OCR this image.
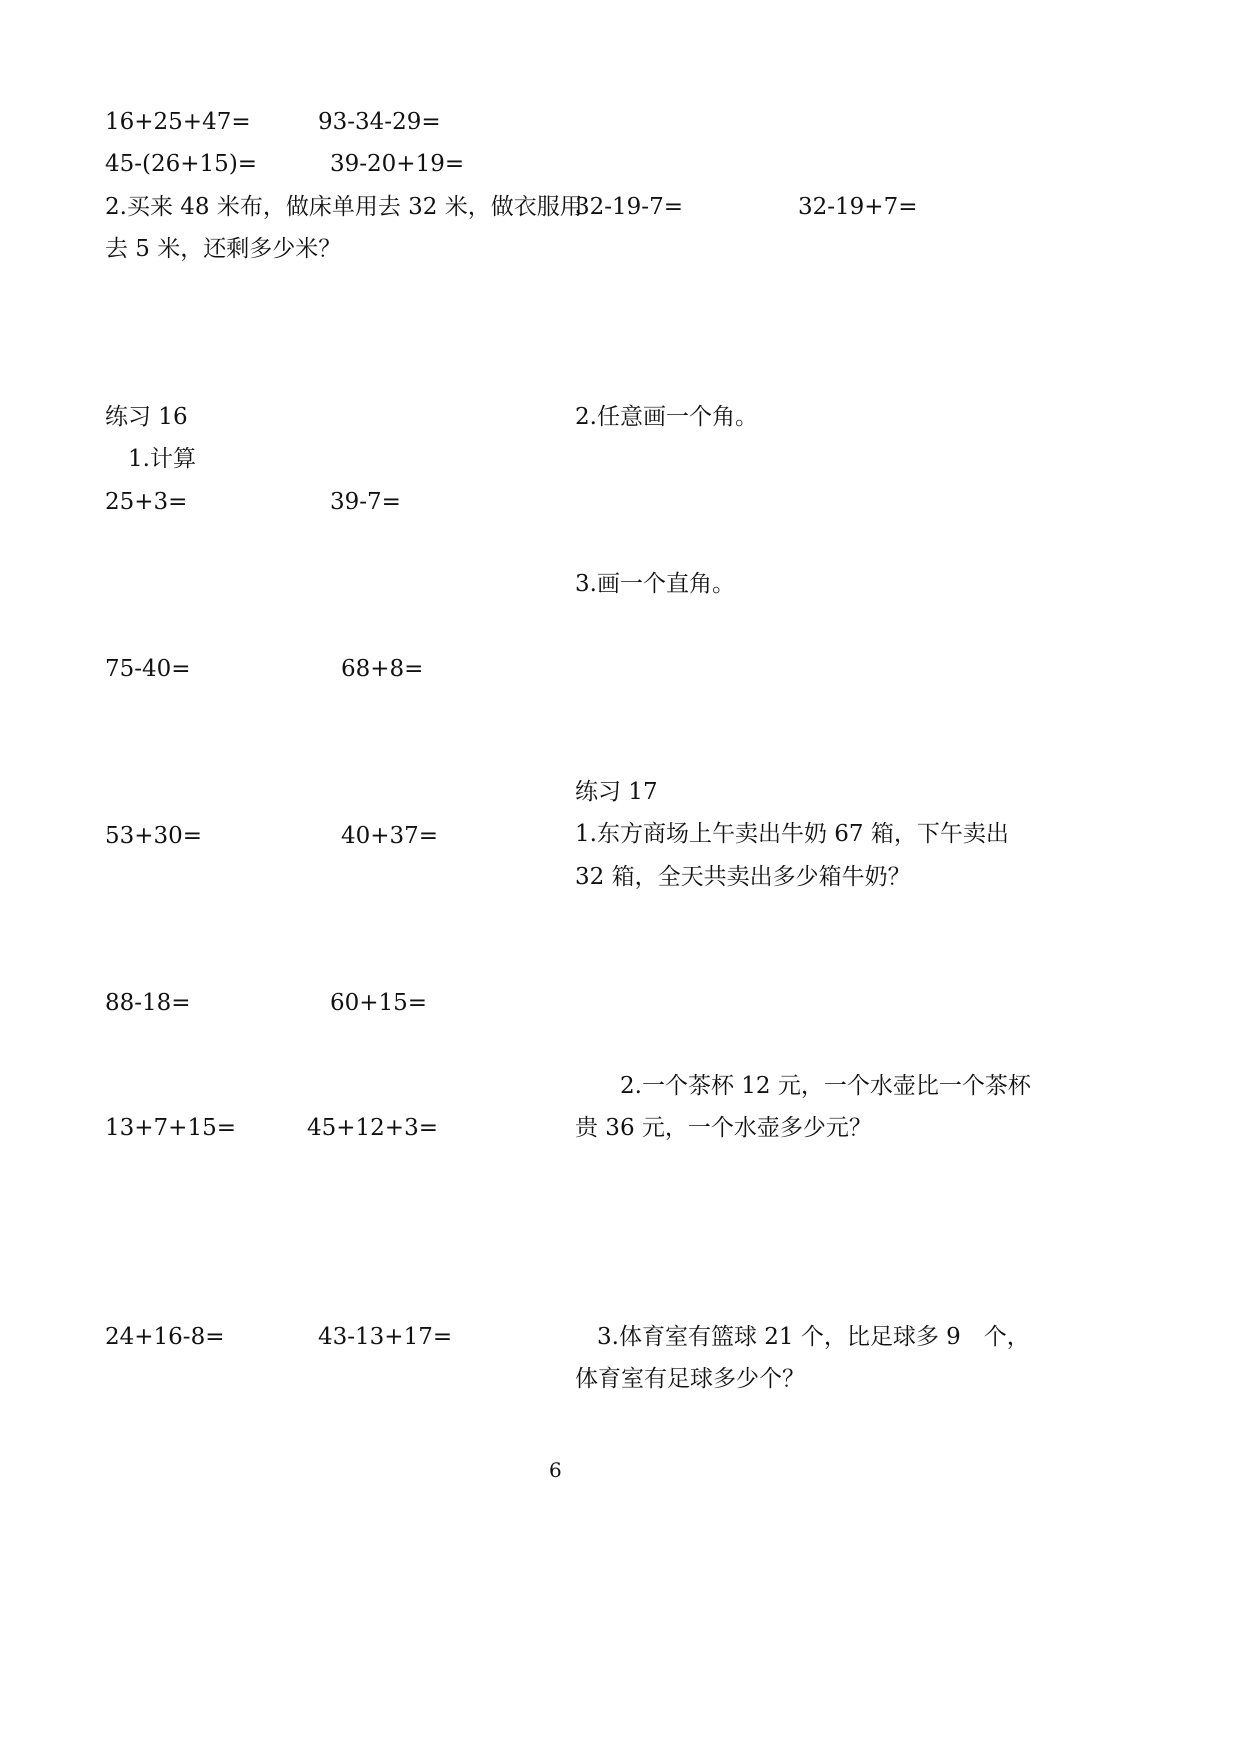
16+25+47=	93-34-29=
45-(26+15)=	39-20+19=
2.买来 48 米布，做床单用去 32 米，做衣服用
去 5 米，还剩多少米？
练习 16
1.计算
25+3=	39-7=
75-40=	68+8=
53+30=	40+37=
88-18=	60+15=
13+7+15=	45+12+3=
24+16-8=	43-13+17=
32-19-7=	32-19+7=
2.任意画一个角。
3.画一个直角。
练习 17
1.东方商场上午卖出牛奶 67 箱，下午卖出
32 箱，全天共卖出多少箱牛奶？
2.一个茶杯 12 元，一个水壶比一个茶杯
贵 36 元，一个水壶多少元？
3.体育室有篮球 21 个，比足球多 9　个，
体育室有足球多少个？
6
